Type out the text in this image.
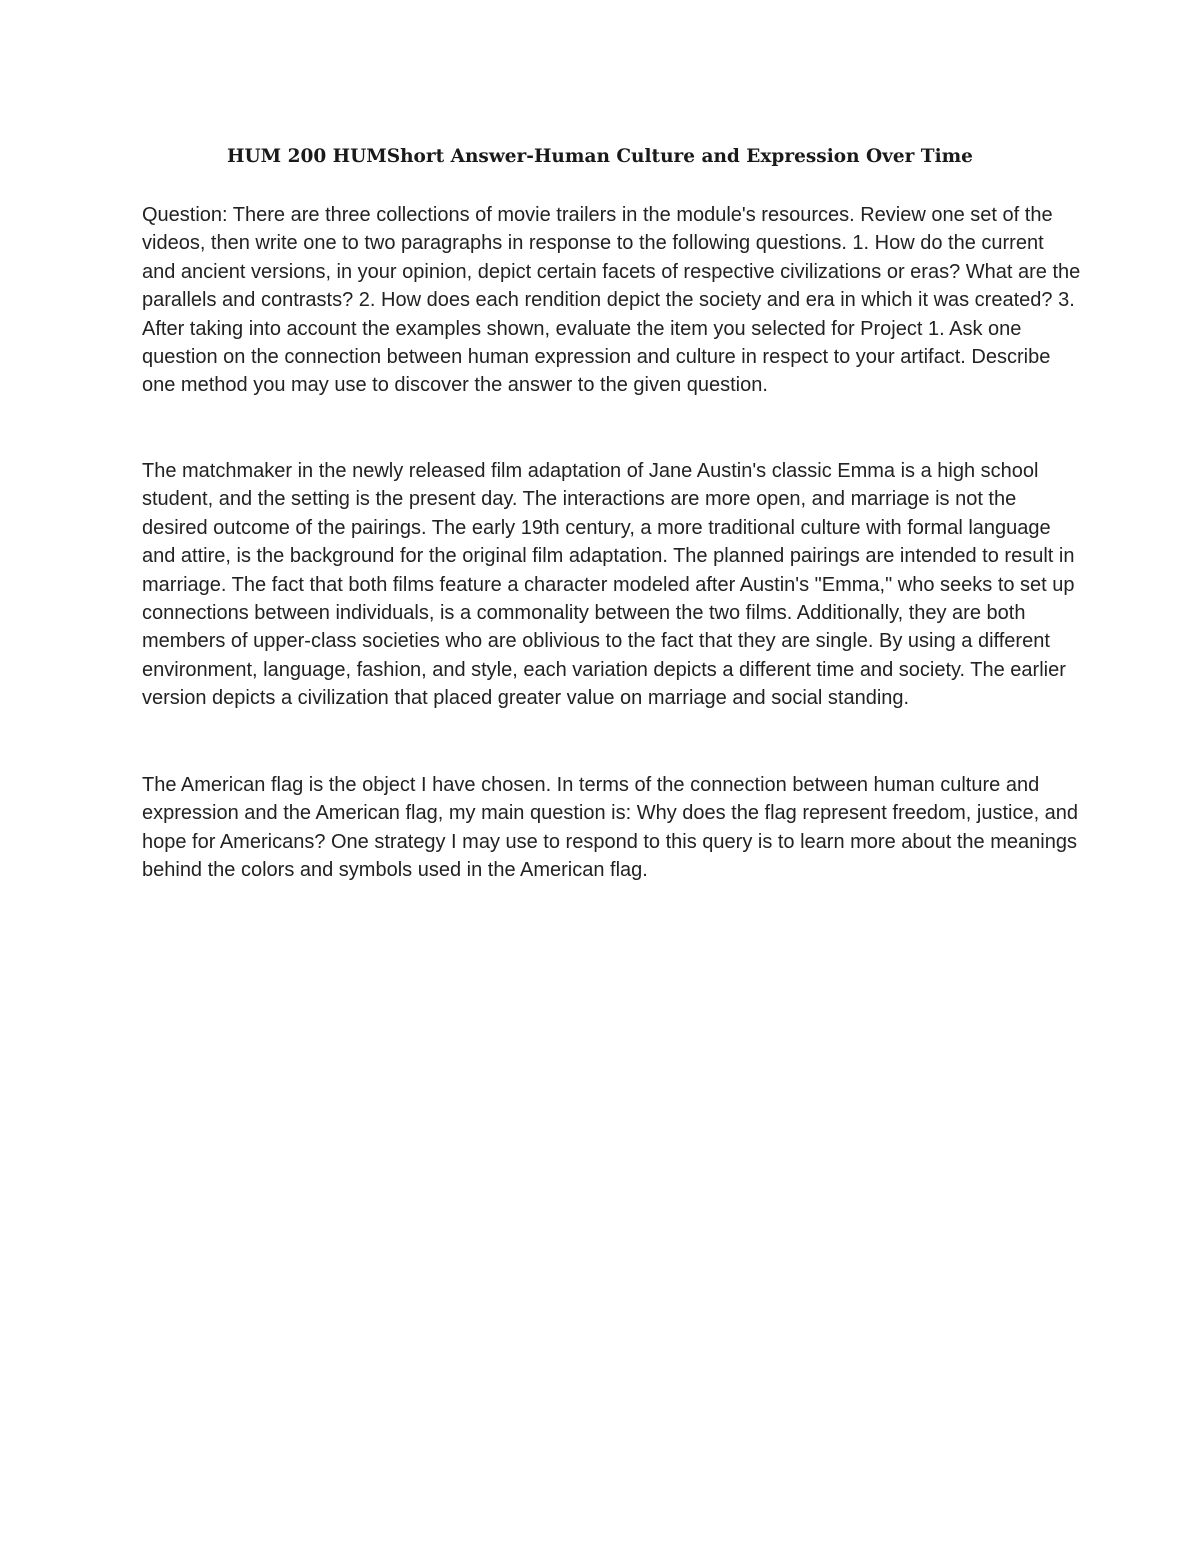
HUM 200 HUMShort Answer-Human Culture and Expression Over Time

Question: There are three collections of movie trailers in the module's resources. Review one set of the videos, then write one to two paragraphs in response to the following questions. 1. How do the current and ancient versions, in your opinion, depict certain facets of respective civilizations or eras? What are the parallels and contrasts? 2. How does each rendition depict the society and era in which it was created? 3. After taking into account the examples shown, evaluate the item you selected for Project 1. Ask one question on the connection between human expression and culture in respect to your artifact. Describe one method you may use to discover the answer to the given question.

The matchmaker in the newly released film adaptation of Jane Austin's classic Emma is a high school student, and the setting is the present day. The interactions are more open, and marriage is not the desired outcome of the pairings. The early 19th century, a more traditional culture with formal language and attire, is the background for the original film adaptation. The planned pairings are intended to result in marriage. The fact that both films feature a character modeled after Austin's "Emma," who seeks to set up connections between individuals, is a commonality between the two films. Additionally, they are both members of upper-class societies who are oblivious to the fact that they are single. By using a different environment, language, fashion, and style, each variation depicts a different time and society. The earlier version depicts a civilization that placed greater value on marriage and social standing.

The American flag is the object I have chosen. In terms of the connection between human culture and expression and the American flag, my main question is: Why does the flag represent freedom, justice, and hope for Americans? One strategy I may use to respond to this query is to learn more about the meanings behind the colors and symbols used in the American flag.
